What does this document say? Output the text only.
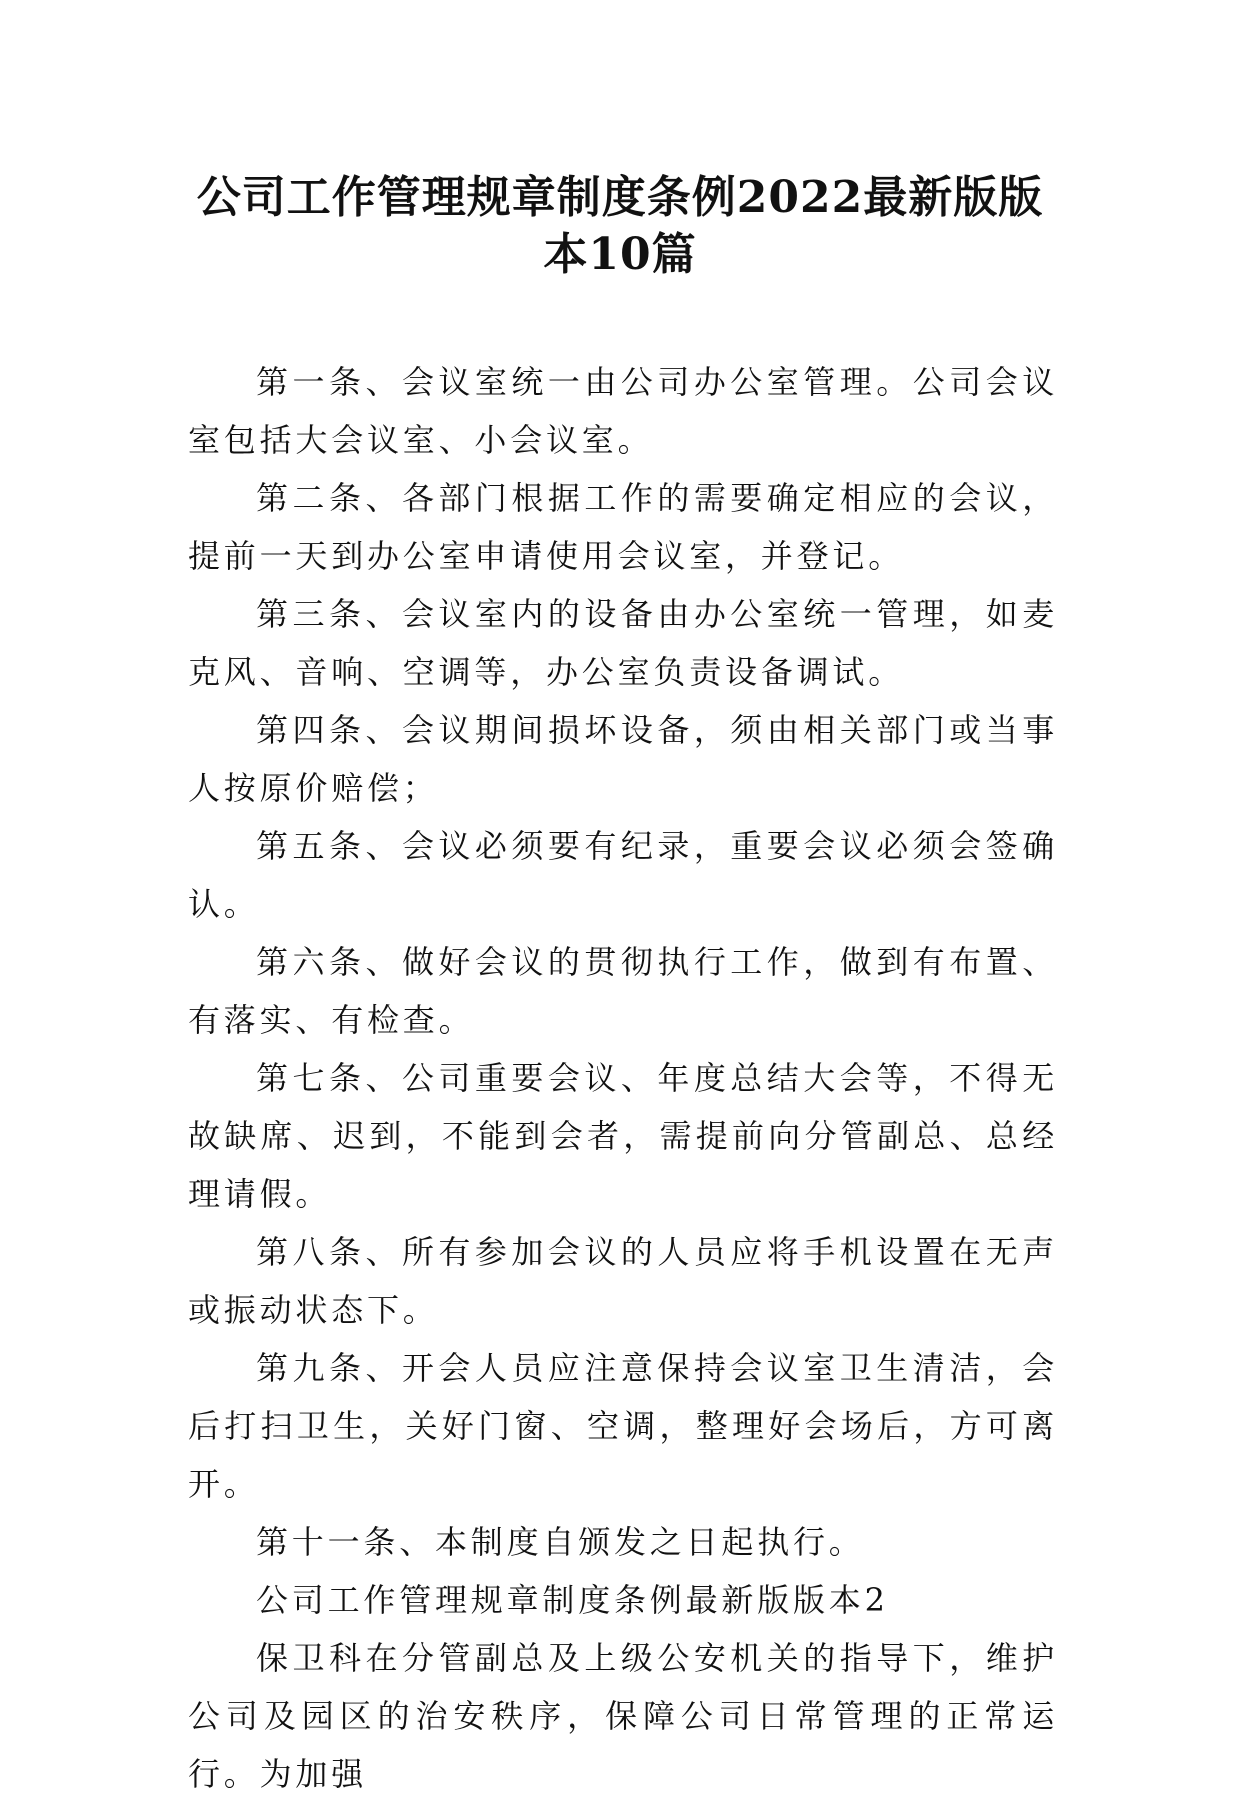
公司工作管理规章制度条例2022最新版版
本10篇

第一条、会议室统一由公司办公室管理。公司会议室包括大会议室、小会议室。

第二条、各部门根据工作的需要确定相应的会议，提前一天到办公室申请使用会议室，并登记。

第三条、会议室内的设备由办公室统一管理，如麦克风、音响、空调等，办公室负责设备调试。

第四条、会议期间损坏设备，须由相关部门或当事人按原价赔偿；

第五条、会议必须要有纪录，重要会议必须会签确认。

第六条、做好会议的贯彻执行工作，做到有布置、有落实、有检查。

第七条、公司重要会议、年度总结大会等，不得无故缺席、迟到，不能到会者，需提前向分管副总、总经理请假。

第八条、所有参加会议的人员应将手机设置在无声或振动状态下。

第九条、开会人员应注意保持会议室卫生清洁，会后打扫卫生，关好门窗、空调，整理好会场后，方可离开。

第十一条、本制度自颁发之日起执行。

公司工作管理规章制度条例最新版版本2

保卫科在分管副总及上级公安机关的指导下，维护公司及园区的治安秩序，保障公司日常管理的正常运行。为加强
